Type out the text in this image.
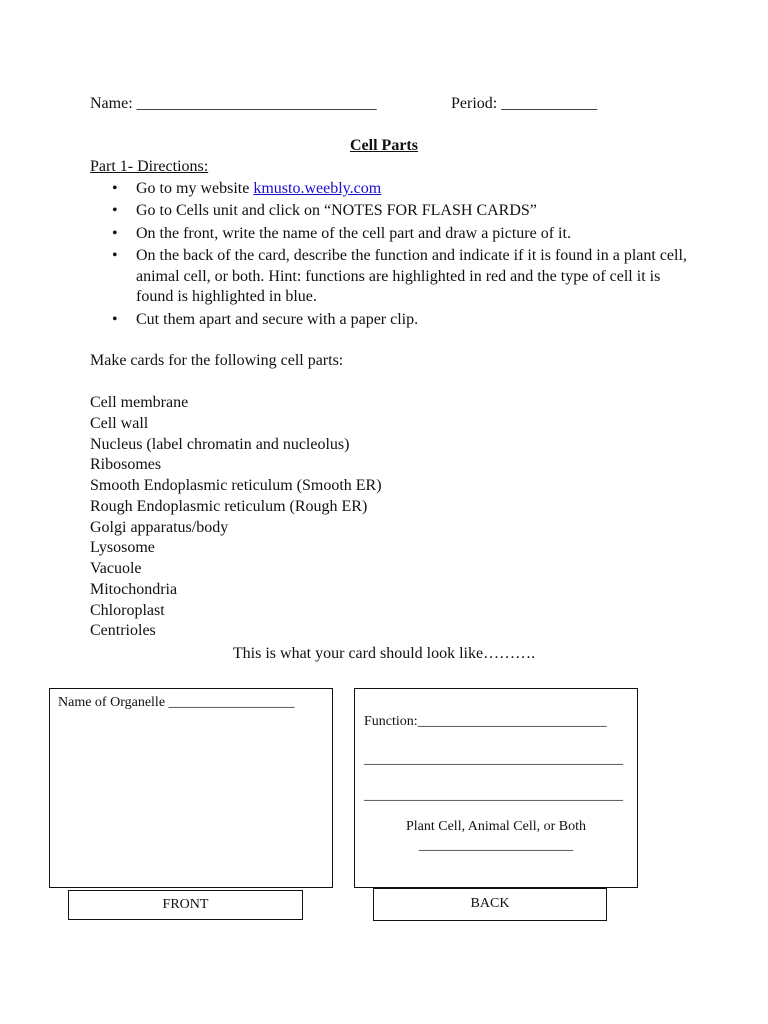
Name: ______________________________	Period: ____________
Cell Parts
Part 1- Directions:
• Go to my website kmusto.weebly.com
• Go to Cells unit and click on “NOTES FOR FLASH CARDS”
• On the front, write the name of the cell part and draw a picture of it.
• On the back of the card, describe the function and indicate if it is found in a plant cell, animal cell, or both. Hint: functions are highlighted in red and the type of cell it is found is highlighted in blue.
• Cut them apart and secure with a paper clip.
Make cards for the following cell parts:
Cell membrane
Cell wall
Nucleus (label chromatin and nucleolus)
Ribosomes
Smooth Endoplasmic reticulum (Smooth ER)
Rough Endoplasmic reticulum (Rough ER)
Golgi apparatus/body
Lysosome
Vacuole
Mitochondria
Chloroplast
Centrioles
This is what your card should look like……….
Name of Organelle __________________
Function:___________________________
_____________________________________
_____________________________________
Plant Cell, Animal Cell, or Both
______________________
FRONT	BACK
